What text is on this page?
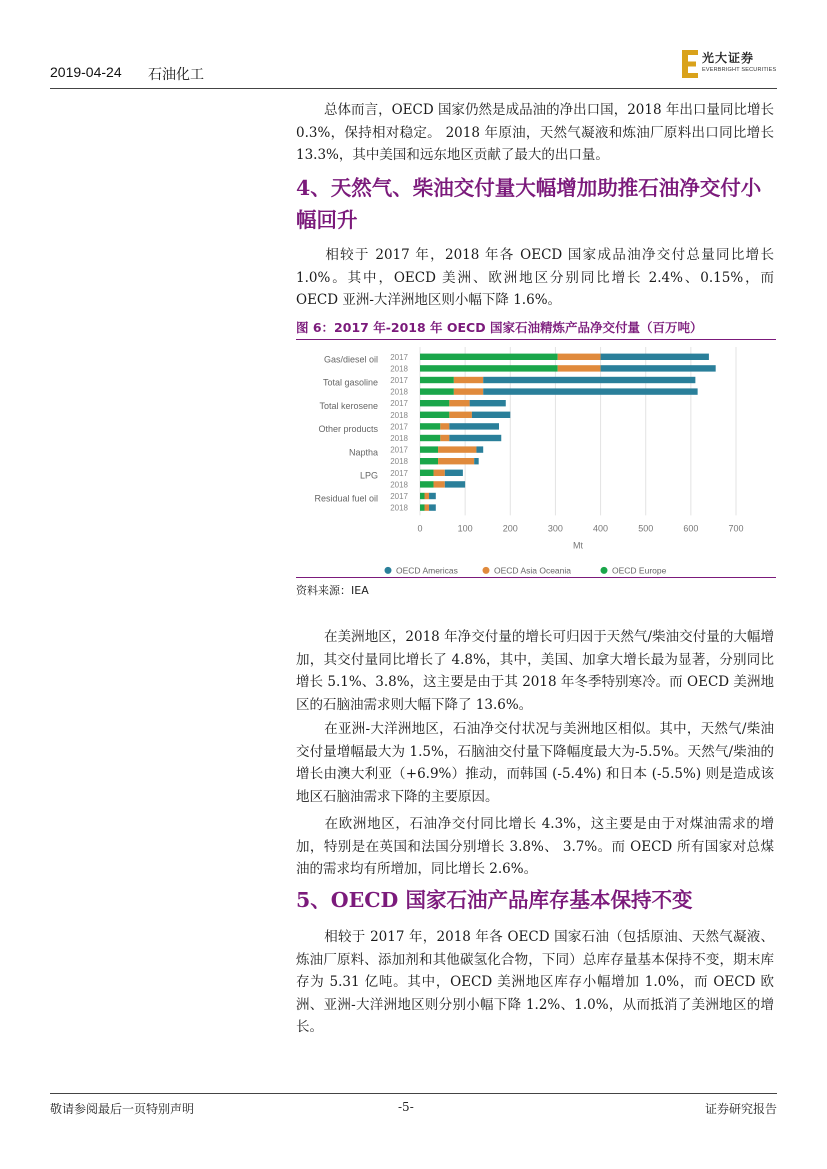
2019-04-24 石油化工
光大证券
EVERBRIGHT SECURITIES

总体而言，OECD 国家仍然是成品油的净出口国，2018 年出口量同比增长 0.3%，保持相对稳定。 2018 年原油，天然气凝液和炼油厂原料出口同比增长 13.3%，其中美国和远东地区贡献了最大的出口量。

4、天然气、柴油交付量大幅增加助推石油净交付小幅回升

相较于 2017 年，2018 年各 OECD 国家成品油净交付总量同比增长 1.0%。其中，OECD 美洲、欧洲地区分别同比增长 2.4%、0.15%，而 OECD 亚洲-大洋洲地区则小幅下降 1.6%。

图 6：2017 年-2018 年 OECD 国家石油精炼产品净交付量（百万吨）
Gas/diesel oil 2017
2018
Total gasoline 2017
2018
Total kerosene 2017
2018
Other products 2017
2018
Naptha 2017
2018
LPG 2017
2018
Residual fuel oil 2017
2018
0	100	200	300	400	500	600	700
Mt
OECD Americas	OECD Asia Oceania	OECD Europe
资料来源：IEA

在美洲地区，2018 年净交付量的增长可归因于天然气/柴油交付量的大幅增加，其交付量同比增长了 4.8%，其中，美国、加拿大增长最为显著，分别同比增长 5.1%、3.8%，这主要是由于其 2018 年冬季特别寒冷。而 OECD 美洲地区的石脑油需求则大幅下降了 13.6%。

在亚洲-大洋洲地区，石油净交付状况与美洲地区相似。其中，天然气/柴油交付量增幅最大为 1.5%，石脑油交付量下降幅度最大为-5.5%。天然气/柴油的增长由澳大利亚（+6.9%）推动，而韩国 (-5.4%) 和日本 (-5.5%) 则是造成该地区石脑油需求下降的主要原因。

在欧洲地区，石油净交付同比增长 4.3%，这主要是由于对煤油需求的增加，特别是在英国和法国分别增长 3.8%、 3.7%。而 OECD 所有国家对总煤油的需求均有所增加，同比增长 2.6%。

5、OECD 国家石油产品库存基本保持不变

相较于 2017 年，2018 年各 OECD 国家石油（包括原油、天然气凝液、炼油厂原料、添加剂和其他碳氢化合物，下同）总库存量基本保持不变，期末库存为 5.31 亿吨。其中，OECD 美洲地区库存小幅增加 1.0%，而 OECD 欧洲、亚洲-大洋洲地区则分别小幅下降 1.2%、1.0%，从而抵消了美洲地区的增长。

敬请参阅最后一页特别声明	-5-	证券研究报告
